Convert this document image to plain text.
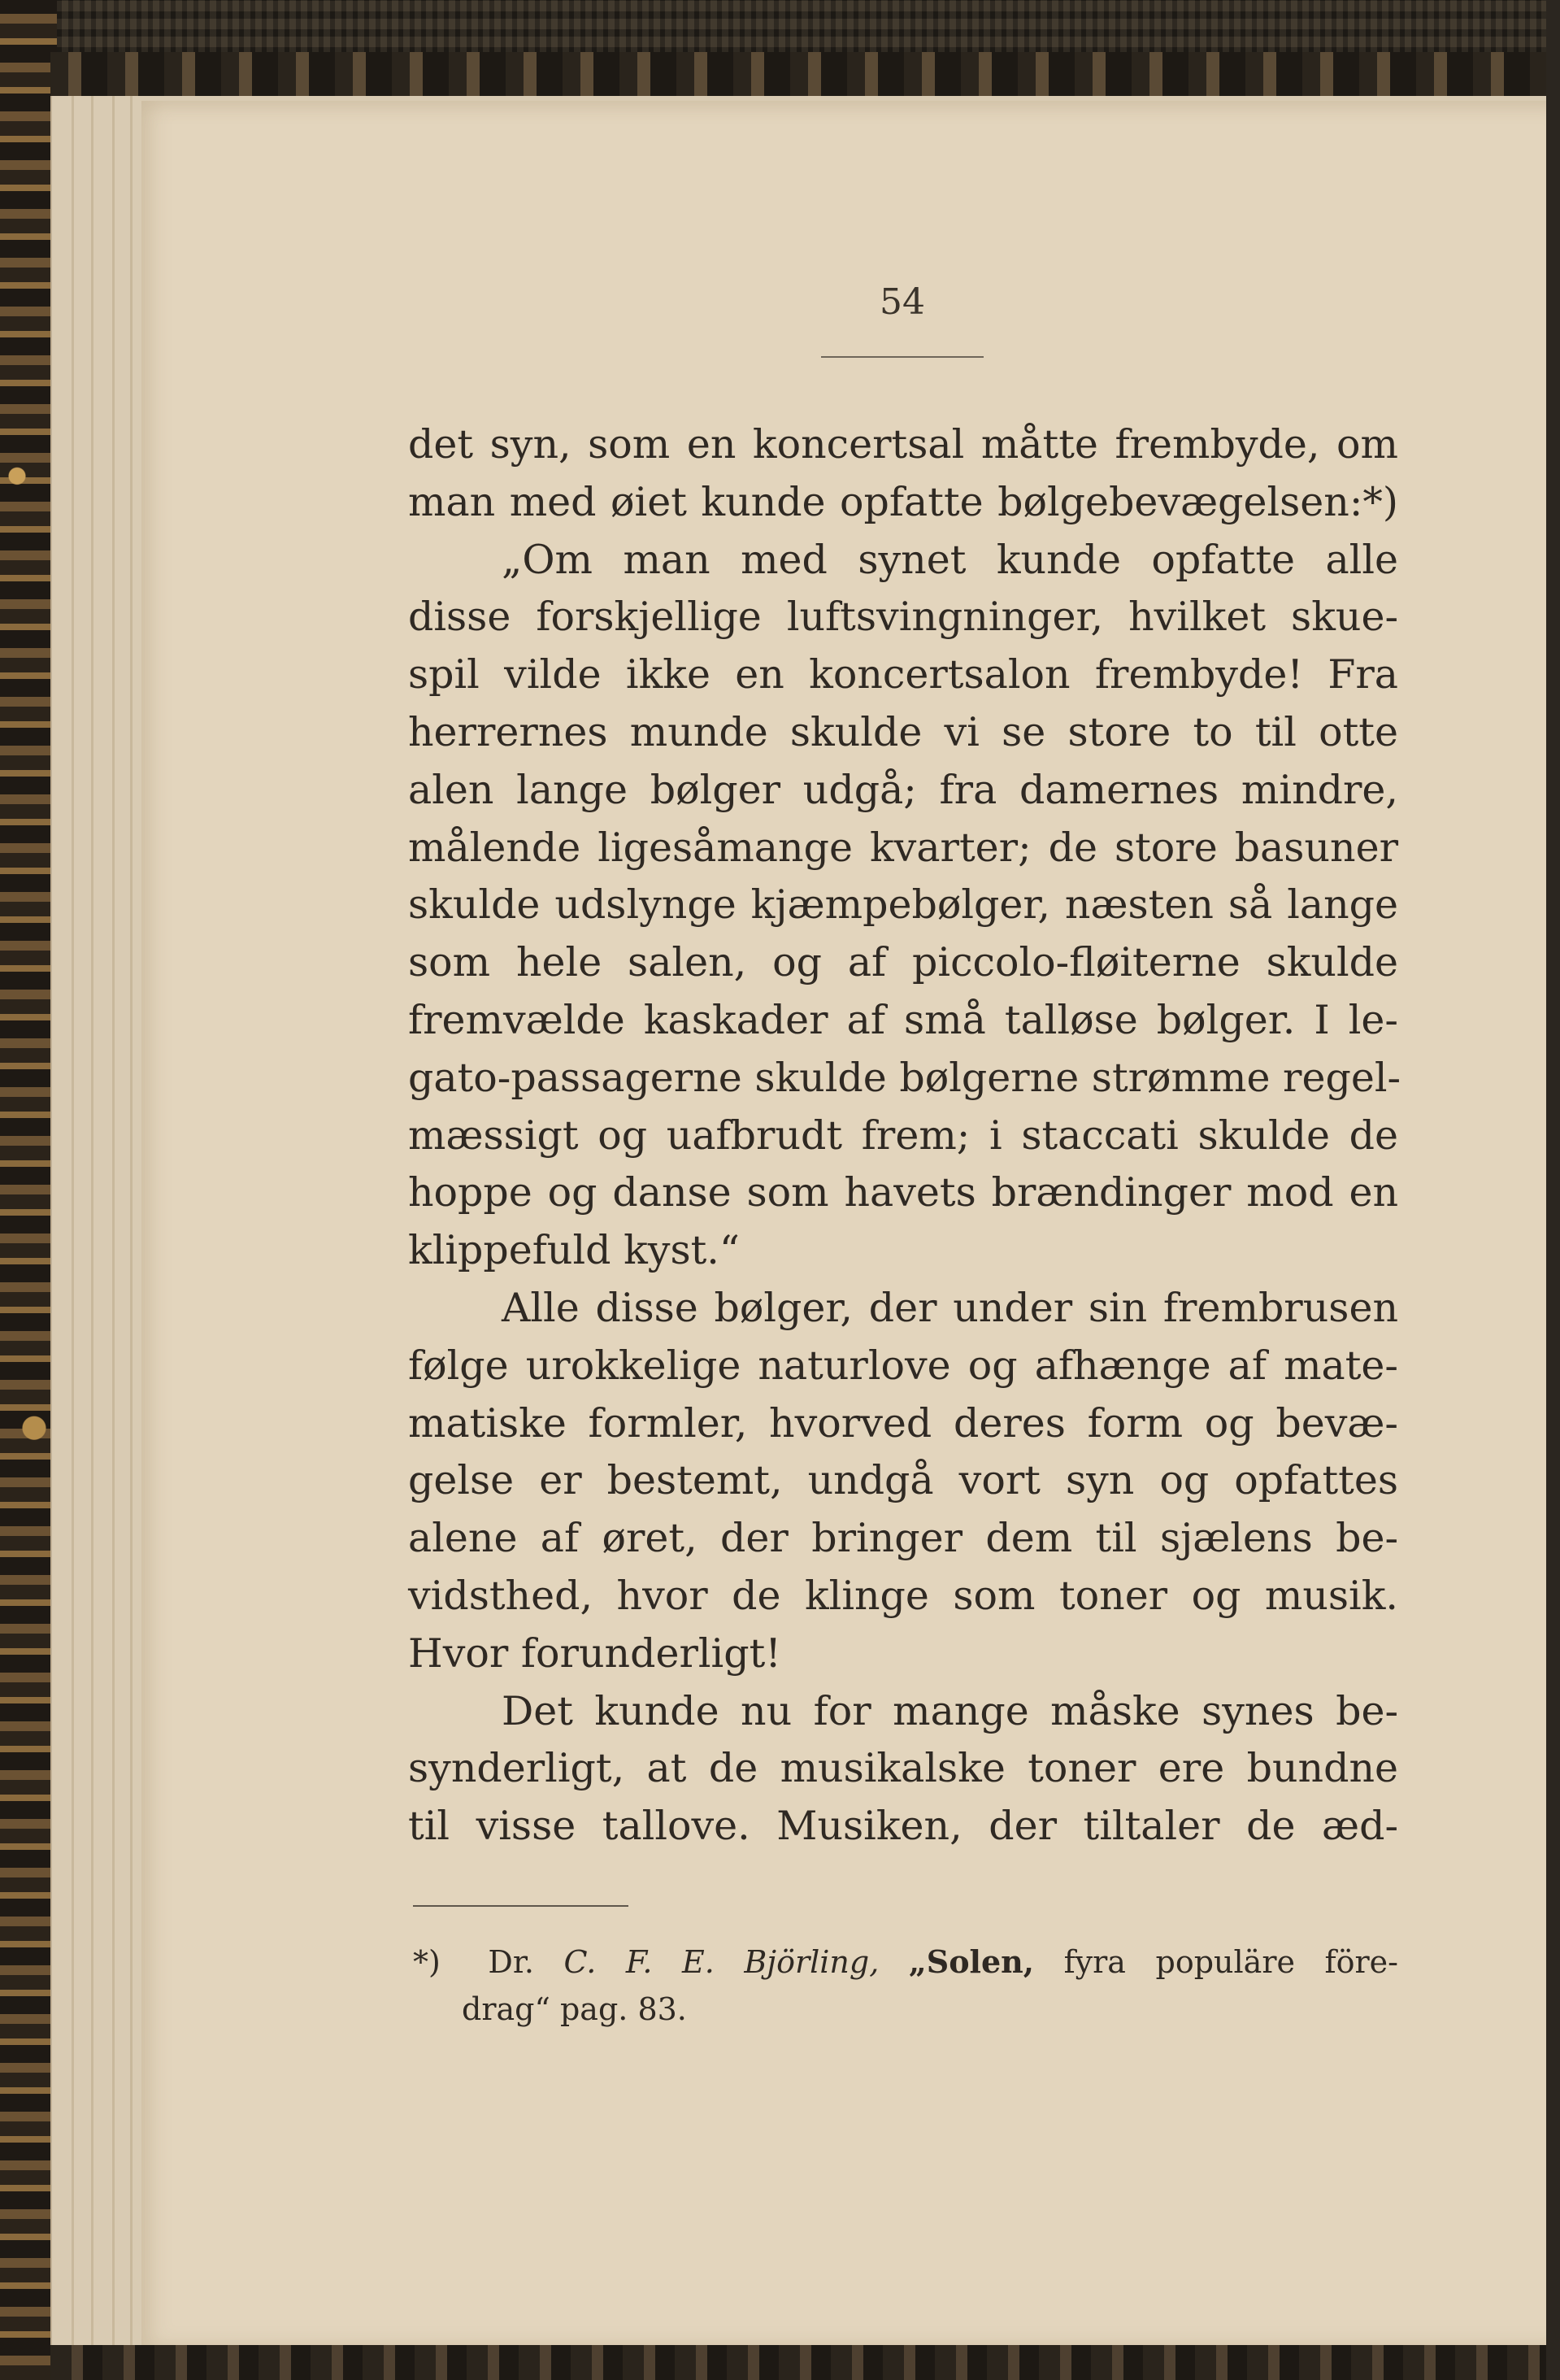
54
det syn, som en koncertsal måtte frembyde, om
man med øiet kunde opfatte bølgebevægelsen:*)
„Om man med synet kunde opfatte alle
disse forskjellige luftsvingninger, hvilket skue-
spil vilde ikke en koncertsalon frembyde! Fra
herrernes munde skulde vi se store to til otte
alen lange bølger udgå; fra damernes mindre,
målende ligesåmange kvarter; de store basuner
skulde udslynge kjæmpebølger, næsten så lange
som hele salen, og af piccolo-fløiterne skulde
fremvælde kaskader af små talløse bølger. I le-
gato-passagerne skulde bølgerne strømme regel-
mæssigt og uafbrudt frem; i staccati skulde de
hoppe og danse som havets brændinger mod en
klippefuld kyst.“
Alle disse bølger, der under sin frembrusen
følge urokkelige naturlove og afhænge af mate-
matiske formler, hvorved deres form og bevæ-
gelse er bestemt, undgå vort syn og opfattes
alene af øret, der bringer dem til sjælens be-
vidsthed, hvor de klinge som toner og musik.
Hvor forunderligt!
Det kunde nu for mange måske synes be-
synderligt, at de musikalske toner ere bundne
til visse tallove. Musiken, der tiltaler de æd-
*) Dr. C. F. E. Björling, „Solen, fyra populäre före-
drag“ pag. 83.
